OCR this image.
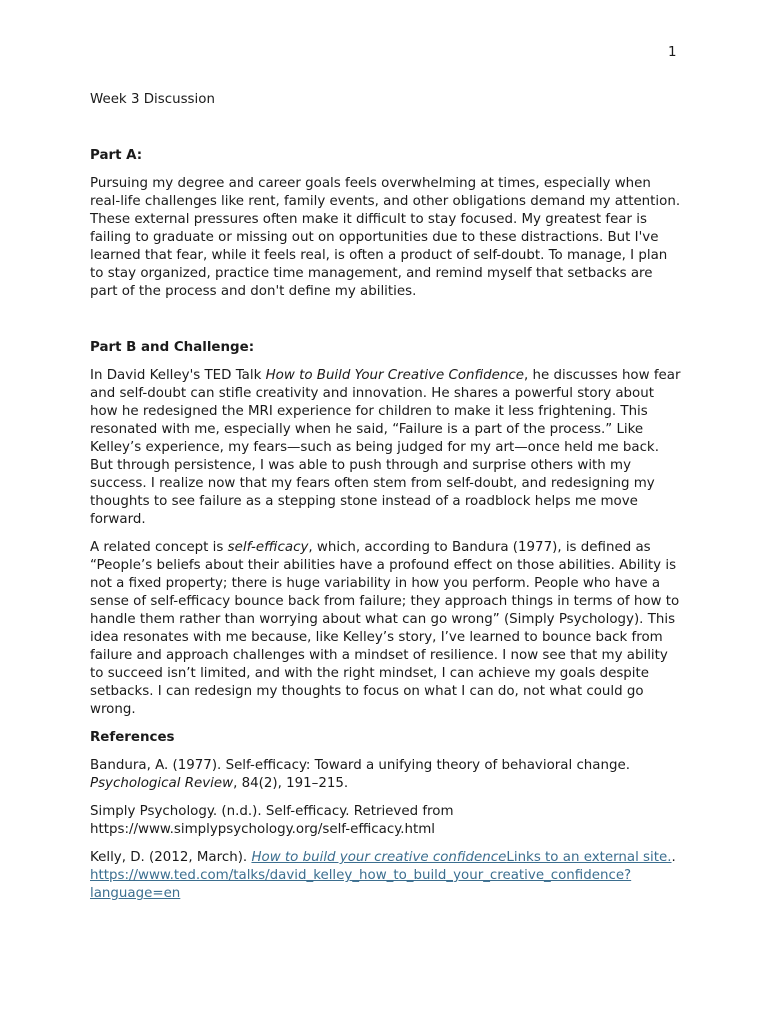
1

Week 3 Discussion

Part A:

Pursuing my degree and career goals feels overwhelming at times, especially when real-life challenges like rent, family events, and other obligations demand my attention. These external pressures often make it difficult to stay focused. My greatest fear is failing to graduate or missing out on opportunities due to these distractions. But I've learned that fear, while it feels real, is often a product of self-doubt. To manage, I plan to stay organized, practice time management, and remind myself that setbacks are part of the process and don't define my abilities.

Part B and Challenge:

In David Kelley's TED Talk How to Build Your Creative Confidence, he discusses how fear and self-doubt can stifle creativity and innovation. He shares a powerful story about how he redesigned the MRI experience for children to make it less frightening. This resonated with me, especially when he said, “Failure is a part of the process.” Like Kelley’s experience, my fears—such as being judged for my art—once held me back. But through persistence, I was able to push through and surprise others with my success. I realize now that my fears often stem from self-doubt, and redesigning my thoughts to see failure as a stepping stone instead of a roadblock helps me move forward.

A related concept is self-efficacy, which, according to Bandura (1977), is defined as “People’s beliefs about their abilities have a profound effect on those abilities. Ability is not a fixed property; there is huge variability in how you perform. People who have a sense of self-efficacy bounce back from failure; they approach things in terms of how to handle them rather than worrying about what can go wrong” (Simply Psychology). This idea resonates with me because, like Kelley’s story, I’ve learned to bounce back from failure and approach challenges with a mindset of resilience. I now see that my ability to succeed isn’t limited, and with the right mindset, I can achieve my goals despite setbacks. I can redesign my thoughts to focus on what I can do, not what could go wrong.

References

Bandura, A. (1977). Self-efficacy: Toward a unifying theory of behavioral change. Psychological Review, 84(2), 191–215.

Simply Psychology. (n.d.). Self-efficacy. Retrieved from https://www.simplypsychology.org/self-efficacy.html

Kelly, D. (2012, March). How to build your creative confidenceLinks to an external site..
https://www.ted.com/talks/david_kelley_how_to_build_your_creative_confidence?language=en
